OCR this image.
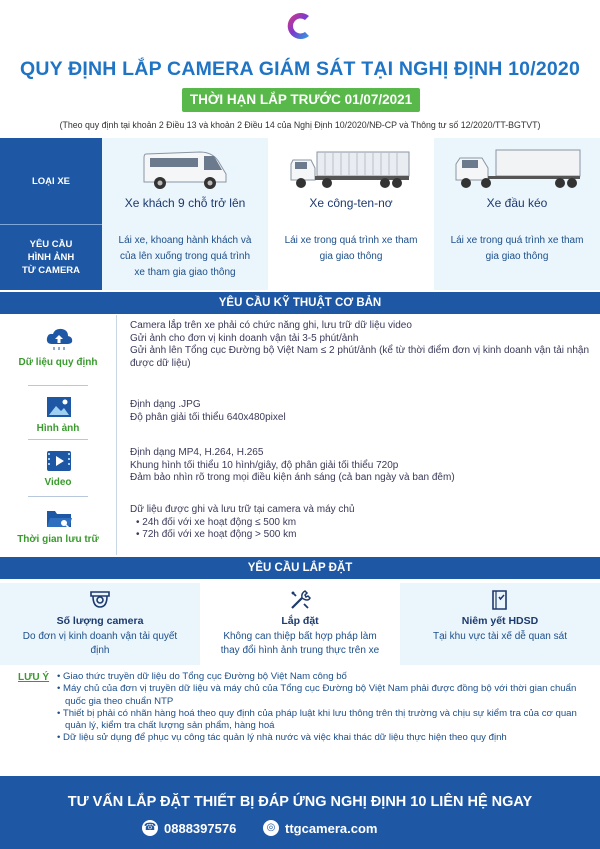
QUY ĐỊNH LẮP CAMERA GIÁM SÁT TẠI NGHỊ ĐỊNH 10/2020
THỜI HẠN LẮP TRƯỚC 01/07/2021
(Theo quy định tại khoản 2 Điều 13 và khoản 2 Điều 14 của Nghị Định 10/2020/NĐ-CP và Thông tư số 12/2020/TT-BGTVT)
LOẠI XE
YÊU CẦU
HÌNH ẢNH
TỪ CAMERA
Xe khách 9 chỗ trở lên
Lái xe, khoang hành khách và của lên xuống trong quá trình xe tham gia giao thông
Xe công-ten-nơ
Lái xe trong quá trình xe tham gia giao thông
Xe đầu kéo
Lái xe trong quá trình xe tham gia giao thông
YÊU CẦU KỸ THUẬT CƠ BẢN
Dữ liệu quy định
Camera lắp trên xe phải có chức năng ghi, lưu trữ dữ liệu video
Gửi ảnh cho đơn vị kinh doanh vận tải 3-5 phút/ảnh
Gửi ảnh lên Tổng cục Đường bộ Việt Nam ≤ 2 phút/ảnh (kể từ thời điểm đơn vị kinh doanh vận tải nhận được dữ liệu)
Hình ảnh
Định dạng .JPG
Độ phân giải tối thiểu 640x480pixel
Video
Định dạng MP4, H.264, H.265
Khung hình tối thiểu 10 hình/giây, độ phân giải tối thiểu 720p
Đảm bảo nhìn rõ trong mọi điều kiện ánh sáng (cả ban ngày và ban đêm)
Thời gian lưu trữ
Dữ liệu được ghi và lưu trữ tại camera và máy chủ
• 24h đối với xe hoạt động ≤ 500 km
• 72h đối với xe hoạt động > 500 km
YÊU CẦU LẮP ĐẶT
Số lượng camera
Do đơn vị kinh doanh vận tải quyết định
Lắp đặt
Không can thiệp bất hợp pháp làm thay đổi hình ảnh trung thực trên xe
Niêm yết HDSD
Tại khu vực tài xế dễ quan sát
LƯU Ý
•	Giao thức truyền dữ liệu do Tổng cục Đường bộ Việt Nam công bố
• Máy chủ của đơn vị truyền dữ liệu và máy chủ của Tổng cục Đường bộ Việt Nam phải được đồng bộ với thời gian chuẩn quốc gia theo chuẩn NTP
• Thiết bị phải có nhãn hàng hoá theo quy định của pháp luật khi lưu thông trên thị trường và chịu sự kiểm tra của cơ quan quản lý, kiểm tra chất lượng sản phẩm, hàng hoá
• Dữ liệu sử dụng để phục vụ công tác quản lý nhà nước và việc khai thác dữ liệu thực hiện theo quy định
TƯ VẤN LẮP ĐẶT THIẾT BỊ ĐÁP ỨNG NGHỊ ĐỊNH 10 LIÊN HỆ NGAY
☎ 0888397576	◎ ttgcamera.com
